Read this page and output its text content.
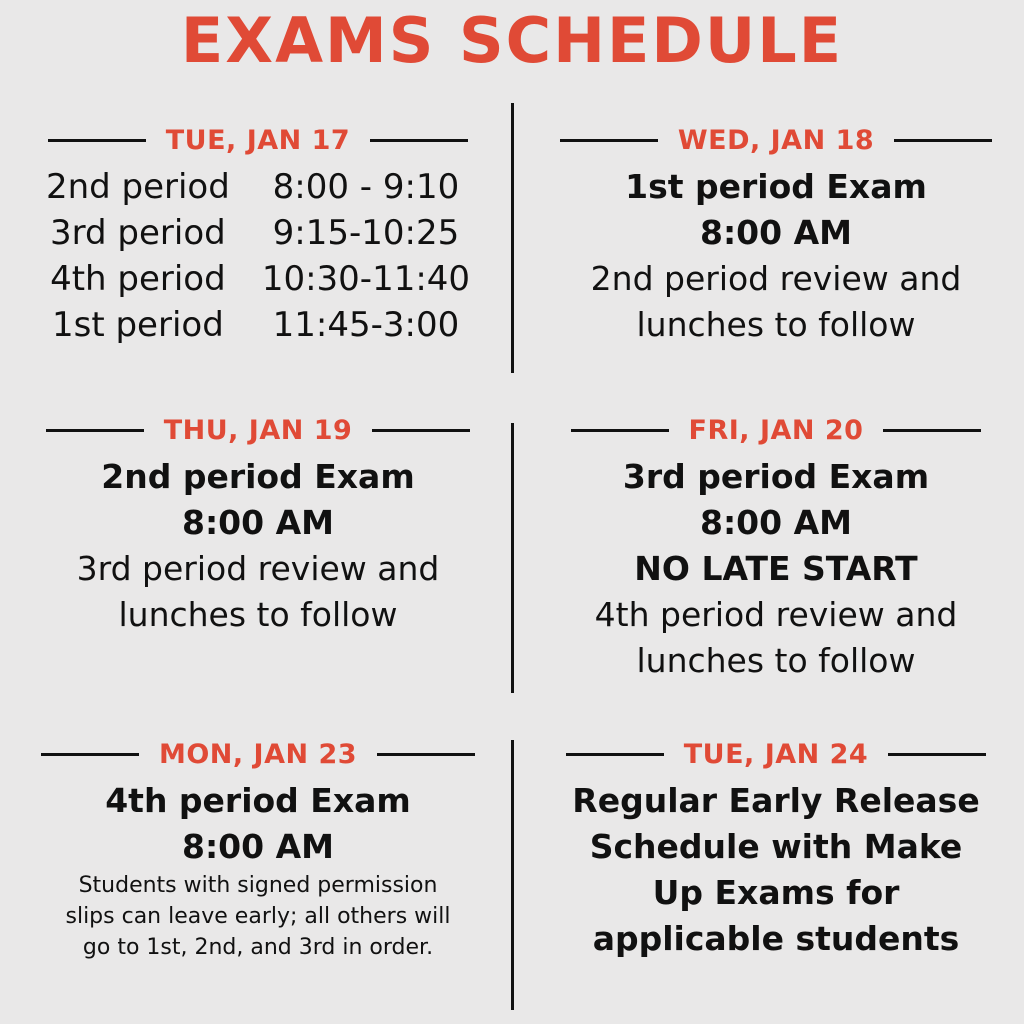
EXAMS SCHEDULE
TUE, JAN 17
2nd period	8:00 - 9:10
3rd period	9:15-10:25
4th period	10:30-11:40
1st period	11:45-3:00
WED, JAN 18
1st period Exam
8:00 AM
2nd period review and
lunches to follow
THU, JAN 19
2nd period Exam
8:00 AM
3rd period review and
lunches to follow
FRI, JAN 20
3rd period Exam
8:00 AM
NO LATE START
4th period review and
lunches to follow
MON, JAN 23
4th period Exam
8:00 AM
Students with signed permission
slips can leave early; all others will
go to 1st, 2nd, and 3rd in order.
TUE, JAN 24
Regular Early Release
Schedule with Make
Up Exams for
applicable students
